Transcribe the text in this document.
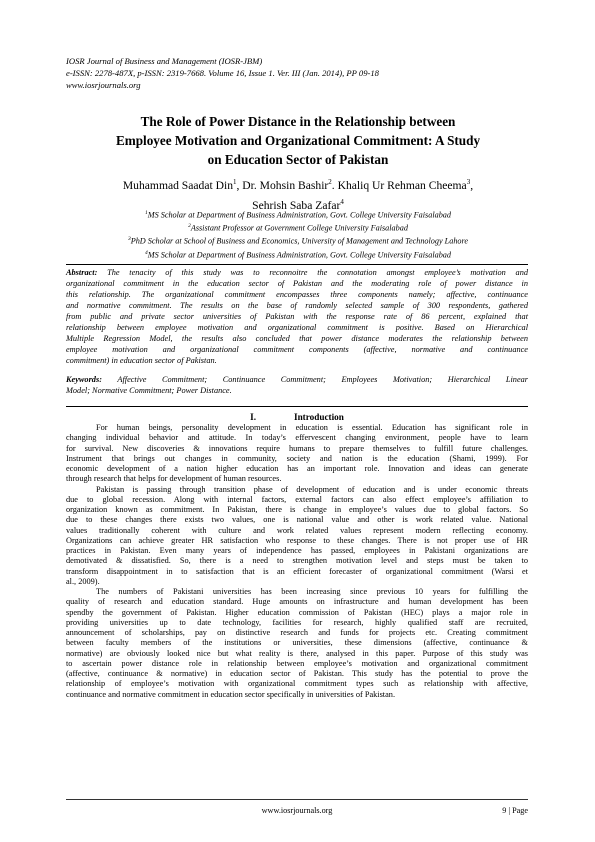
IOSR Journal of Business and Management (IOSR-JBM)
e-ISSN: 2278-487X, p-ISSN: 2319-7668. Volume 16, Issue 1. Ver. III (Jan. 2014), PP 09-18
www.iosrjournals.org
The Role of Power Distance in the Relationship between
Employee Motivation and Organizational Commitment: A Study
on Education Sector of Pakistan
Muhammad Saadat Din$^1$, Dr. Mohsin Bashir$^2$. Khaliq Ur Rehman Cheema$^3$,
Sehrish Saba Zafar$^4$
$^1$MS Scholar at Department of Business Administration, Govt. College University Faisalabad
$^2$Assistant Professor at Government College University Faisalabad
$^3$PhD Scholar at School of Business and Economics, University of Management and Technology Lahore
$^4$MS Scholar at Department of Business Administration, Govt. College University Faisalabad
Abstract: The tenacity of this study was to reconnoitre the connotation amongst employee’s motivation and
organizational commitment in the education sector of Pakistan and the moderating role of power distance in
this relationship. The organizational commitment encompasses three components namely; affective, continuance
and normative commitment. The results on the base of randomly selected sample of 300 respondents, gathered
from public and private sector universities of Pakistan with the response rate of 86 percent, explained that
relationship between employee motivation and organizational commitment is positive. Based on Hierarchical
Multiple Regression Model, the results also concluded that power distance moderates the relationship between
employee motivation and organizational commitment components (affective, normative and continuance
commitment) in education sector of Pakistan.
Keywords: Affective Commitment; Continuance Commitment; Employees Motivation; Hierarchical Linear
Model; Normative Commitment; Power Distance.
I.	Introduction
For human beings, personality development in education is essential. Education has significant role in
changing individual behavior and attitude. In today’s effervescent changing environment, people have to learn
for survival. New discoveries & innovations require humans to prepare themselves to fulfill future challenges.
Instrument that brings out changes in community, society and nation is the education (Shami, 1999). For
economic development of a nation higher education has an important role. Innovation and ideas can generate
through research that helps for development of human resources.
Pakistan is passing through transition phase of development of education and is under economic threats
due to global recession. Along with internal factors, external factors can also effect employee’s affiliation to
organization known as commitment. In Pakistan, there is change in employee’s values due to global factors. So
due to these changes there exists two values, one is national value and other is work related value. National
values traditionally coherent with culture and work related values represent modern reflecting economy.
Organizations can achieve greater HR satisfaction who response to these changes. There is not proper use of HR
practices in Pakistan. Even many years of independence has passed, employees in Pakistani organizations are
demotivated & dissatisfied. So, there is a need to strengthen motivation level and steps must be taken to
transform disappointment in to satisfaction that is an efficient forecaster of organizational commitment (Warsi et
al., 2009).
The numbers of Pakistani universities has been increasing since previous 10 years for fulfilling the
quality of research and education standard. Huge amounts on infrastructure and human development has been
spendby the government of Pakistan. Higher education commission of Pakistan (HEC) plays a major role in
providing universities up to date technology, facilities for research, highly qualified staff are recruited,
announcement of scholarships, pay on distinctive research and funds for projects etc. Creating commitment
between faculty members of the institutions or universities, these dimensions (affective, continuance &
normative) are obviously looked nice but what reality is there, analysed in this paper. Purpose of this study was
to ascertain power distance role in relationship between employee’s motivation and organizational commitment
(affective, continuance & normative) in education sector of Pakistan. This study has the potential to prove the
relationship of employee’s motivation with organizational commitment types such as relationship with affective,
continuance and normative commitment in education sector specifically in universities of Pakistan.
www.iosrjournals.org	9 | Page
